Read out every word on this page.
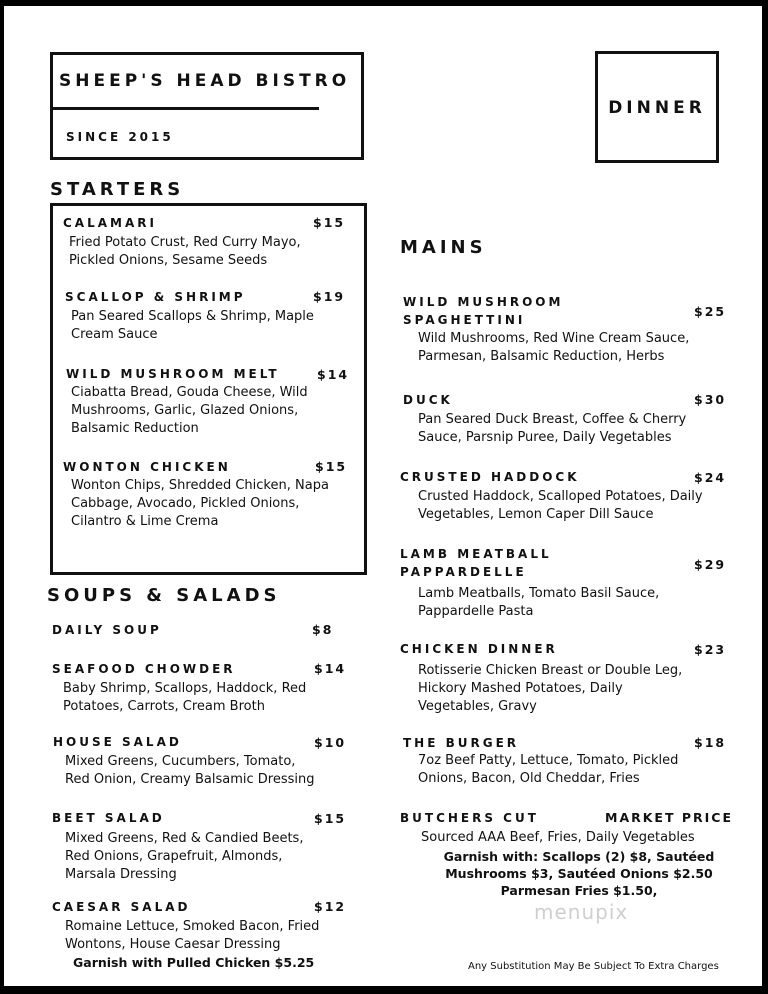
SHEEP'S HEAD BISTRO
SINCE 2015
DINNER
STARTERS
CALAMARI	$15
Fried Potato Crust, Red Curry Mayo,
Pickled Onions, Sesame Seeds
SCALLOP & SHRIMP	$19
Pan Seared Scallops & Shrimp, Maple
Cream Sauce
WILD MUSHROOM MELT	$14
Ciabatta Bread, Gouda Cheese, Wild
Mushrooms, Garlic, Glazed Onions,
Balsamic Reduction
WONTON CHICKEN	$15
Wonton Chips, Shredded Chicken, Napa
Cabbage, Avocado, Pickled Onions,
Cilantro & Lime Crema
SOUPS & SALADS
DAILY SOUP	$8
SEAFOOD CHOWDER	$14
Baby Shrimp, Scallops, Haddock, Red
Potatoes, Carrots, Cream Broth
HOUSE SALAD	$10
Mixed Greens, Cucumbers, Tomato,
Red Onion, Creamy Balsamic Dressing
BEET SALAD	$15
Mixed Greens, Red & Candied Beets,
Red Onions, Grapefruit, Almonds,
Marsala Dressing
CAESAR SALAD	$12
Romaine Lettuce, Smoked Bacon, Fried
Wontons, House Caesar Dressing
Garnish with Pulled Chicken $5.25
MAINS
WILD MUSHROOM SPAGHETTINI
$25
Wild Mushrooms, Red Wine Cream Sauce,
Parmesan, Balsamic Reduction, Herbs
DUCK	$30
Pan Seared Duck Breast, Coffee & Cherry
Sauce, Parsnip Puree, Daily Vegetables
CRUSTED HADDOCK	$24
Crusted Haddock, Scalloped Potatoes, Daily
Vegetables, Lemon Caper Dill Sauce
LAMB MEATBALL PAPPARDELLE	$29
Lamb Meatballs, Tomato Basil Sauce,
Pappardelle Pasta
CHICKEN DINNER	$23
Rotisserie Chicken Breast or Double Leg,
Hickory Mashed Potatoes, Daily
Vegetables, Gravy
THE BURGER	$18
7oz Beef Patty, Lettuce, Tomato, Pickled
Onions, Bacon, Old Cheddar, Fries
BUTCHERS CUT	MARKET PRICE
Sourced AAA Beef, Fries, Daily Vegetables
Garnish with: Scallops (2) $8, Sautéed
Mushrooms $3, Sautéed Onions $2.50
Parmesan Fries $1.50,
menupix
Any Substitution May Be Subject To Extra Charges
